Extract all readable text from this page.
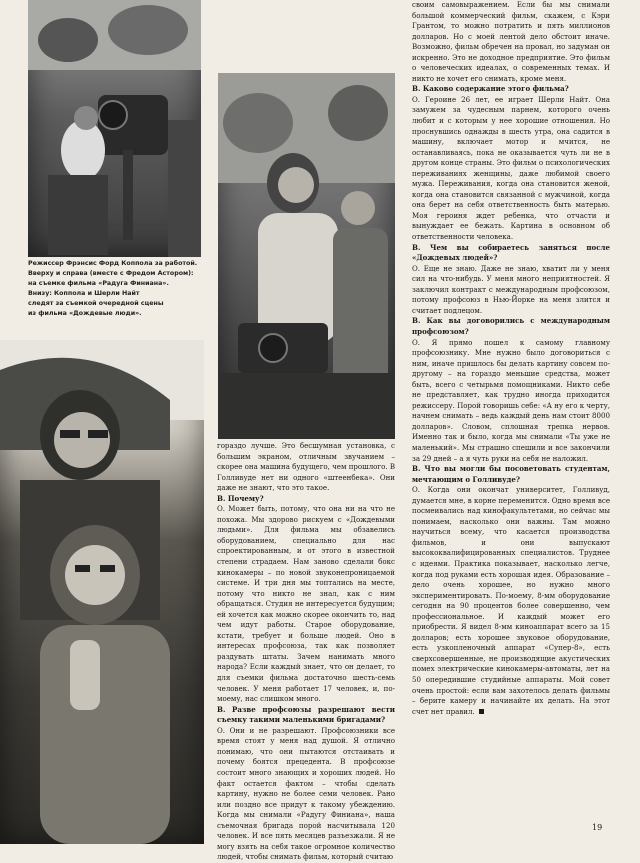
Режиссер Фрэнсис Форд Коппола за работой.

Вверху и справа (вместе с Фредом Астором):

на съемке фильма «Радуга Финиана».

Внизу: Коппола и Шерли Найт

следят за съемкой очередной сцены

из фильма «Дождевые люди».

гораздо лучше. Это бесшумная установка, с большим экраном, отличным звучанием – скорее она машина будущего, чем прошлого. В Голливуде нет ни одного «штеенбека». Они даже не знают, что это такое.

В. Почему?

О. Может быть, потому, что она ни на что не похожа. Мы здорово рискуем с «Дождевыми людьми». Для фильма мы обзавелись оборудованием, специально для нас спроектированным, и от этого в известной степени страдаем. Нам заново сделали бокс кинокамеры – по новой звуконепроницаемой системе. И три дня мы топтались на месте, потому что никто не знал, как с ним обращаться. Студия не интересуется будущим; ей хочется как можно скорее окончить то, над чем идут работы. Старое оборудование, кстати, требует и больше людей. Оно в интересах профсоюза, так как позволяет раздувать штаты. Зачем нанимать много народа? Если каждый знает, что он делает, то для съемки фильма достаточно шесть-семь человек. У меня работает 17 человек, и, по-моему, нас слишком много.

В. Разве профсоюзы разрешают вести съемку такими маленькими бригадами?

О. Они и не разрешают. Профсоюзники все время стоят у меня над душой. Я отлично понимаю, что они пытаются отстаивать и почему боятся прецедента. В профсоюзе состоит много знающих и хороших людей. Но факт остается фактом – чтобы сделать картину, нужно не более семи человек. Рано или поздно все придут к такому убеждению. Когда мы снимали «Радугу Финиана», наша съемочная бригада порой насчитывала 120 человек. И все пять месяцев разъезжали. Я не могу взять на себя такое огромное количество людей, чтобы снимать фильм, который считаю

своим самовыражением. Если бы мы снимали большой коммерческий фильм, скажем, с Кэри Грантом, то можно потратить и пять миллионов долларов. Но с моей лентой дело обстоит иначе. Возможно, фильм обречен на провал, но задуман он искренно. Это не доходное предприятие. Это фильм о человеческих идеалах, о современных темах. И никто не хочет его снимать, кроме меня.

В. Каково содержание этого фильма?

О. Героине 26 лет, ее играет Шерли Найт. Она замужем за чудесным парнем, которого очень любит и с которым у нее хорошие отношения. Но проснувшись однажды в шесть утра, она садится в машину, включает мотор и мчится, не останавливаясь, пока не оказывается чуть ли не в другом конце страны. Это фильм о психологических переживаниях женщины, даже любимой своего мужа. Переживания, когда она становится женой, когда она становится связанной с мужчиной, когда она берет на себя ответственность быть матерью. Моя героиня ждет ребенка, что отчасти и вынуждает ее бежать. Картина в основном об ответственности человека.

В. Чем вы собираетесь заняться после «Дождевых людей»?

О. Еще не знаю. Даже не знаю, хватит ли у меня сил на что-нибудь. У меня много неприятностей. Я заключил контракт с международным профсоюзом, потому профсоюз в Нью-Йорке на меня злится и считает подлецом.

В. Как вы договорились с международным профсоюзом?

О. Я прямо пошел к самому главному профсоюзнику. Мне нужно было договориться с ним, иначе пришлось бы делать картину совсем по-другому – на гораздо меньшие средства, может быть, всего с четырьмя помощниками. Никто себе не представляет, как трудно иногда приходится режиссеру. Порой говоришь себе: «А ну его к черту, начнем снимать – ведь каждый день нам стоит 8000 долларов». Словом, сплошная трепка нервов. Именно так и было, когда мы снимали «Ты уже не маленький». Мы страшно спешили и все закончили за 29 дней – а я чуть руки на себя не наложил.

В. Что вы могли бы посоветовать студентам, мечтающим о Голливуде?

О. Когда они окончат университет, Голливуд, думается мне, в корне переменится. Одно время все посмеивались над кинофакультетами, но сейчас мы понимаем, насколько они важны. Там можно научиться всему, что касается производства фильмов, и они выпускают высококвалифицированных специалистов. Труднее с идеями. Практика показывает, насколько легче, когда под руками есть хорошая идея. Образование – дело очень хорошее, но нужно много экспериментировать. По-моему, 8-мм оборудование сегодня на 90 процентов более совершенно, чем профессиональное. И каждый может его приобрести. Я видел 8-мм киноаппарат всего за 15 долларов; есть хорошее звуковое оборудование, есть узкопленочный аппарат «Супер-8», есть сверхсовершенные, не производящие акустических помех электрические кинокамеры-автоматы, лет на 50 опередившие студийные аппараты. Мой совет очень простой: если вам захотелось делать фильмы – берите камеру и начинайте их делать. На этот счет нет правил.

19
